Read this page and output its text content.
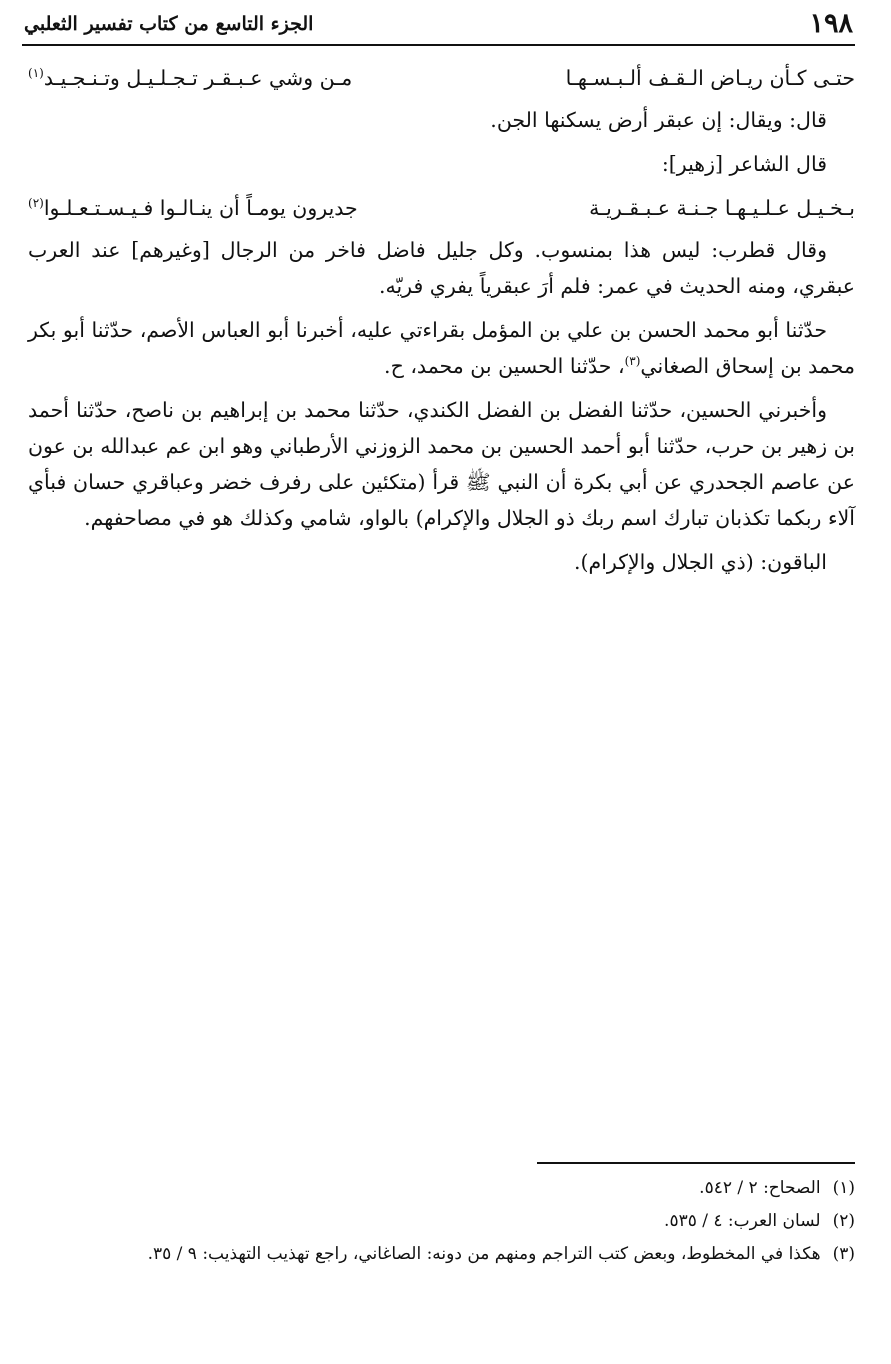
١٩٨
الجزء التاسع من كتاب تفسير الثعلبي
حتـى كـأن ريـاض الـقـف ألـبـسـهـا
مـن وشي عـبـقـر تـجـلـيـل وتـنـجـيـد$^{(١)}$

قال: ويقال: إن عبقر أرض يسكنها الجن.

قال الشاعر [زهير]:

بـخـيـل عـلـيـهـا جـنـة عـبـقـريـة
جديرون يومـاً أن ينـالـوا فـيـسـتـعـلـوا$^{(٢)}$

وقال قطرب: ليس هذا بمنسوب. وكل جليل فاضل فاخر من الرجال [وغيرهم] عند العرب عبقري، ومنه الحديث في عمر: فلم أرَ عبقرياً يفري فريّه.

حدّثنا أبو محمد الحسن بن علي بن المؤمل بقراءتي عليه، أخبرنا أبو العباس الأصم، حدّثنا أبو بكر محمد بن إسحاق الصغاني$^{(٣)}$، حدّثنا الحسين بن محمد، ح.

وأخبرني الحسين، حدّثنا الفضل بن الفضل الكندي، حدّثنا محمد بن إبراهيم بن ناصح، حدّثنا أحمد بن زهير بن حرب، حدّثنا أبو أحمد الحسين بن محمد الزوزني الأرطباني وهو ابن عم عبدالله بن عون عن عاصم الجحدري عن أبي بكرة أن النبي ﷺ قرأ (متكئين على رفرف خضر وعباقري حسان فبأي آلاء ربكما تكذبان تبارك اسم ربك ذو الجلال والإكرام) بالواو، شامي وكذلك هو في مصاحفهم.

الباقون: (ذي الجلال والإكرام).

(١)
الصحاح: ٢ / ٥٤٢.
(٢)
لسان العرب: ٤ / ٥٣٥.
(٣)
هكذا في المخطوط، وبعض كتب التراجم ومنهم من دونه: الصاغاني، راجع تهذيب التهذيب: ٩ / ٣٥.
